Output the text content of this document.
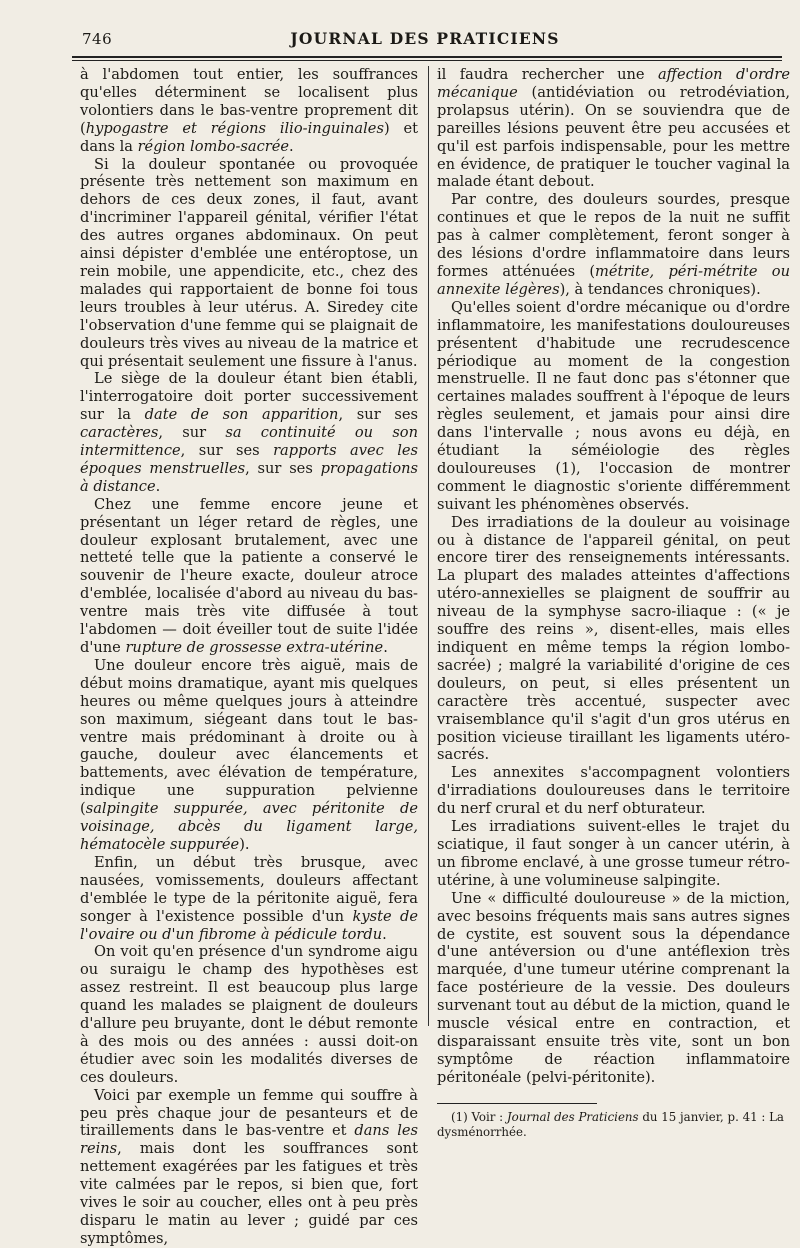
746	JOURNAL DES PRATICIENS

à l'abdomen tout entier, les souffrances qu'elles déterminent se localisent plus volontiers dans le bas-ventre proprement dit (hypogastre et régions ilio-inguinales) et dans la région lombo-sacrée.

Si la douleur spontanée ou provoquée présente très nettement son maximum en dehors de ces deux zones, il faut, avant d'incriminer l'appareil génital, vérifier l'état des autres organes abdominaux. On peut ainsi dépister d'emblée une entéroptose, un rein mobile, une appendicite, etc., chez des malades qui rapportaient de bonne foi tous leurs troubles à leur utérus. A. Siredey cite l'observation d'une femme qui se plaignait de douleurs très vives au niveau de la matrice et qui présentait seulement une fissure à l'anus.

Le siège de la douleur étant bien établi, l'interrogatoire doit porter successivement sur la date de son apparition, sur ses caractères, sur sa continuité ou son intermittence, sur ses rapports avec les époques menstruelles, sur ses propagations à distance.

Chez une femme encore jeune et présentant un léger retard de règles, une douleur explosant brutalement, avec une netteté telle que la patiente a conservé le souvenir de l'heure exacte, douleur atroce d'emblée, localisée d'abord au niveau du bas-ventre mais très vite diffusée à tout l'abdomen — doit éveiller tout de suite l'idée d'une rupture de grossesse extra-utérine.

Une douleur encore très aiguë, mais de début moins dramatique, ayant mis quelques heures ou même quelques jours à atteindre son maximum, siégeant dans tout le bas-ventre mais prédominant à droite ou à gauche, douleur avec élancements et battements, avec élévation de température, indique une suppuration pelvienne (salpingite suppurée, avec péritonite de voisinage, abcès du ligament large, hématocèle suppurée).

Enfin, un début très brusque, avec nausées, vomissements, douleurs affectant d'emblée le type de la péritonite aiguë, fera songer à l'existence possible d'un kyste de l'ovaire ou d'un fibrome à pédicule tordu.

On voit qu'en présence d'un syndrome aigu ou suraigu le champ des hypothèses est assez restreint. Il est beaucoup plus large quand les malades se plaignent de douleurs d'allure peu bruyante, dont le début remonte à des mois ou des années : aussi doit-on étudier avec soin les modalités diverses de ces douleurs.

Voici par exemple un femme qui souffre à peu près chaque jour de pesanteurs et de tiraillements dans le bas-ventre et dans les reins, mais dont les souffrances sont nettement exagérées par les fatigues et très vite calmées par le repos, si bien que, fort vives le soir au coucher, elles ont à peu près disparu le matin au lever ; guidé par ces symptômes,

il faudra rechercher une affection d'ordre mécanique (antidéviation ou retrodéviation, prolapsus utérin). On se souviendra que de pareilles lésions peuvent être peu accusées et qu'il est parfois indispensable, pour les mettre en évidence, de pratiquer le toucher vaginal la malade étant debout.

Par contre, des douleurs sourdes, presque continues et que le repos de la nuit ne suffit pas à calmer complètement, feront songer à des lésions d'ordre inflammatoire dans leurs formes atténuées (métrite, péri-métrite ou annexite légères), à tendances chroniques).

Qu'elles soient d'ordre mécanique ou d'ordre inflammatoire, les manifestations douloureuses présentent d'habitude une recrudescence périodique au moment de la congestion menstruelle. Il ne faut donc pas s'étonner que certaines malades souffrent à l'époque de leurs règles seulement, et jamais pour ainsi dire dans l'intervalle ; nous avons eu déjà, en étudiant la séméiologie des règles douloureuses (1), l'occasion de montrer comment le diagnostic s'oriente différemment suivant les phénomènes observés.

Des irradiations de la douleur au voisinage ou à distance de l'appareil génital, on peut encore tirer des renseignements intéressants. La plupart des malades atteintes d'affections utéro-annexielles se plaignent de souffrir au niveau de la symphyse sacro-iliaque : (« je souffre des reins », disent-elles, mais elles indiquent en même temps la région lombo-sacrée) ; malgré la variabilité d'origine de ces douleurs, on peut, si elles présentent un caractère très accentué, suspecter avec vraisemblance qu'il s'agit d'un gros utérus en position vicieuse tiraillant les ligaments utéro-sacrés.

Les annexites s'accompagnent volontiers d'irradiations douloureuses dans le territoire du nerf crural et du nerf obturateur.

Les irradiations suivent-elles le trajet du sciatique, il faut songer à un cancer utérin, à un fibrome enclavé, à une grosse tumeur rétro-utérine, à une volumineuse salpingite.

Une « difficulté douloureuse » de la miction, avec besoins fréquents mais sans autres signes de cystite, est souvent sous la dépendance d'une antéversion ou d'une antéflexion très marquée, d'une tumeur utérine comprenant la face postérieure de la vessie. Des douleurs survenant tout au début de la miction, quand le muscle vésical entre en contraction, et disparaissant ensuite très vite, sont un bon symptôme de réaction inflammatoire péritonéale (pelvi-péritonite).

(1) Voir : Journal des Praticiens du 15 janvier, p. 41 : La dysménorrhée.
